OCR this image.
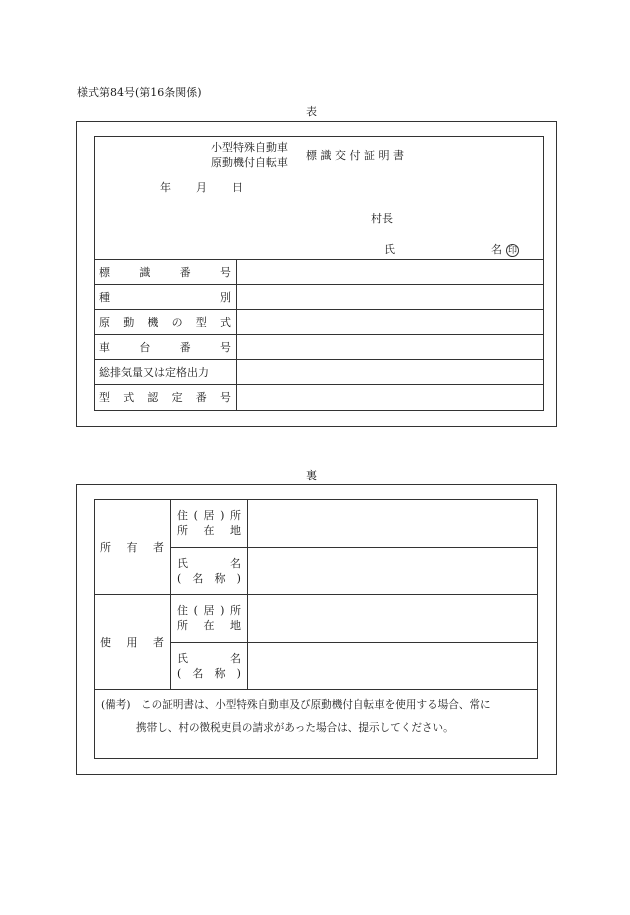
様式第84号(第16条関係)
表
小型特殊自動車
原動機付自転車
標 識 交 付 証 明 書
年 月 日
村長
氏	名 印
標	識	番	号
種	別
原 動 機 の 型 式
車	台	番	号
総排気量又は定格出力
型 式 認 定 番 号
裏
所 有 者
住 ( 居 ) 所
所 在 地
氏	名
( 名 称 )
使 用 者
住 ( 居 ) 所
所 在 地
氏	名
( 名 称 )
(備考)　この証明書は、小型特殊自動車及び原動機付自転車を使用する場合、常に
携帯し、村の徴税吏員の請求があった場合は、提示してください。
